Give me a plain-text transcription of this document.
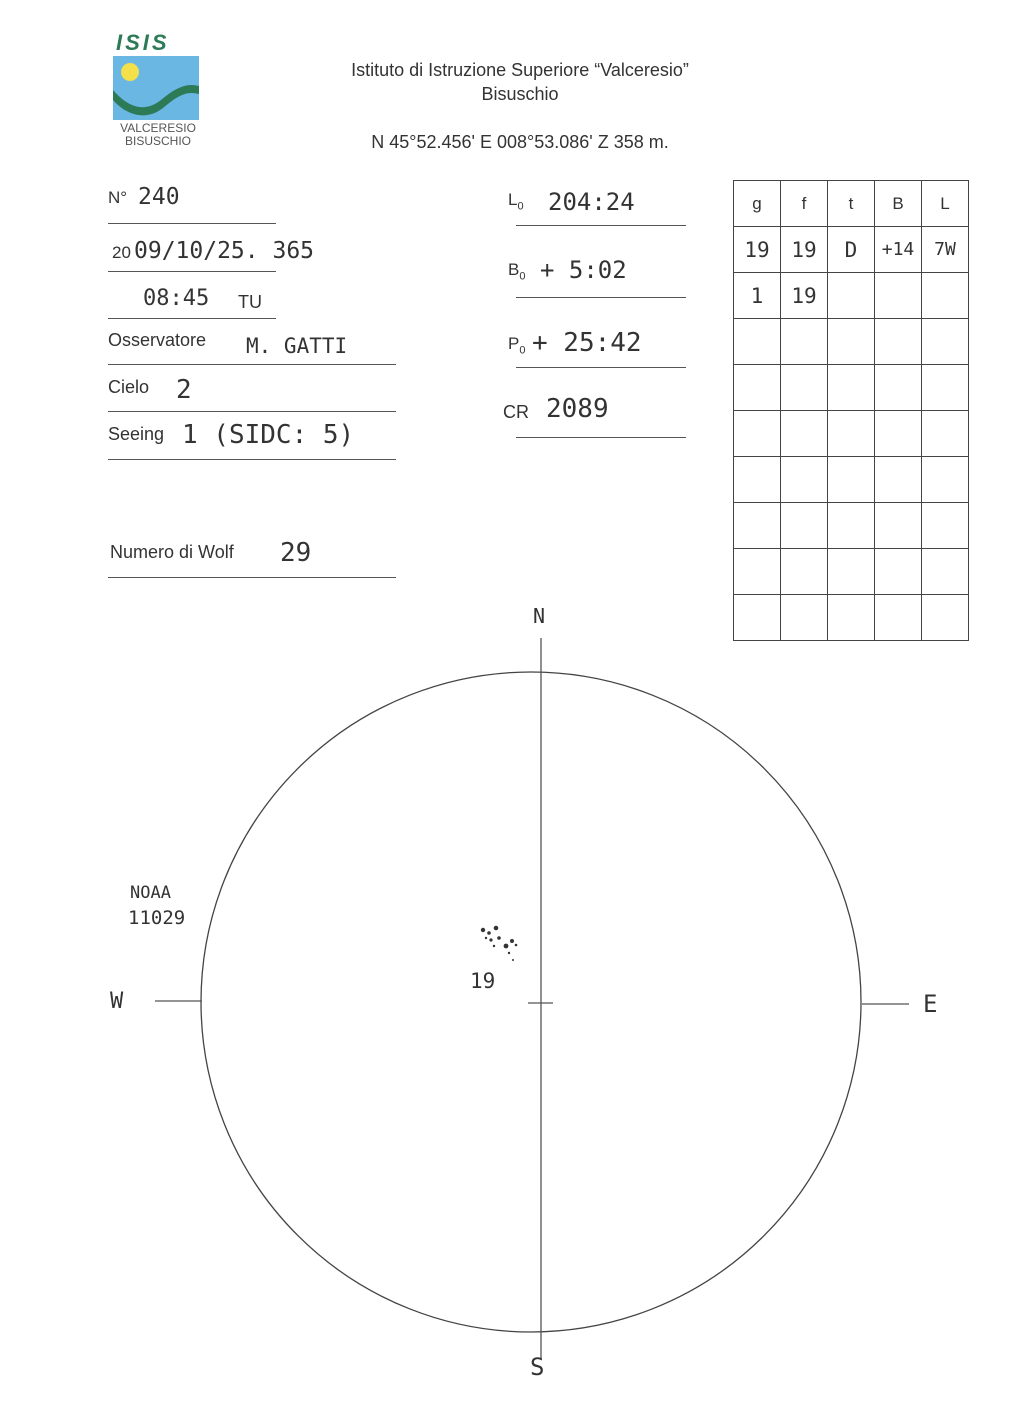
ISIS
VALCERESIO
BISUSCHIO
Istituto di Istruzione Superiore “Valceresio”
Bisuschio
N 45°52.456' E 008°53.086' Z 358 m.
N° 240
20 09/10/25. 365
08:45 TU
Osservatore M. GATTI
Cielo 2
Seeing 1 (SIDC: 5)
Numero di Wolf 29
$L_0$ 204:24
$B_0$ + 5:02
$P_0$ + 25:42
CR 2089
g	f	t	B	L
19	19	D	+14	7W
1	19			

N
S
E
W
NOAA
11029
19
